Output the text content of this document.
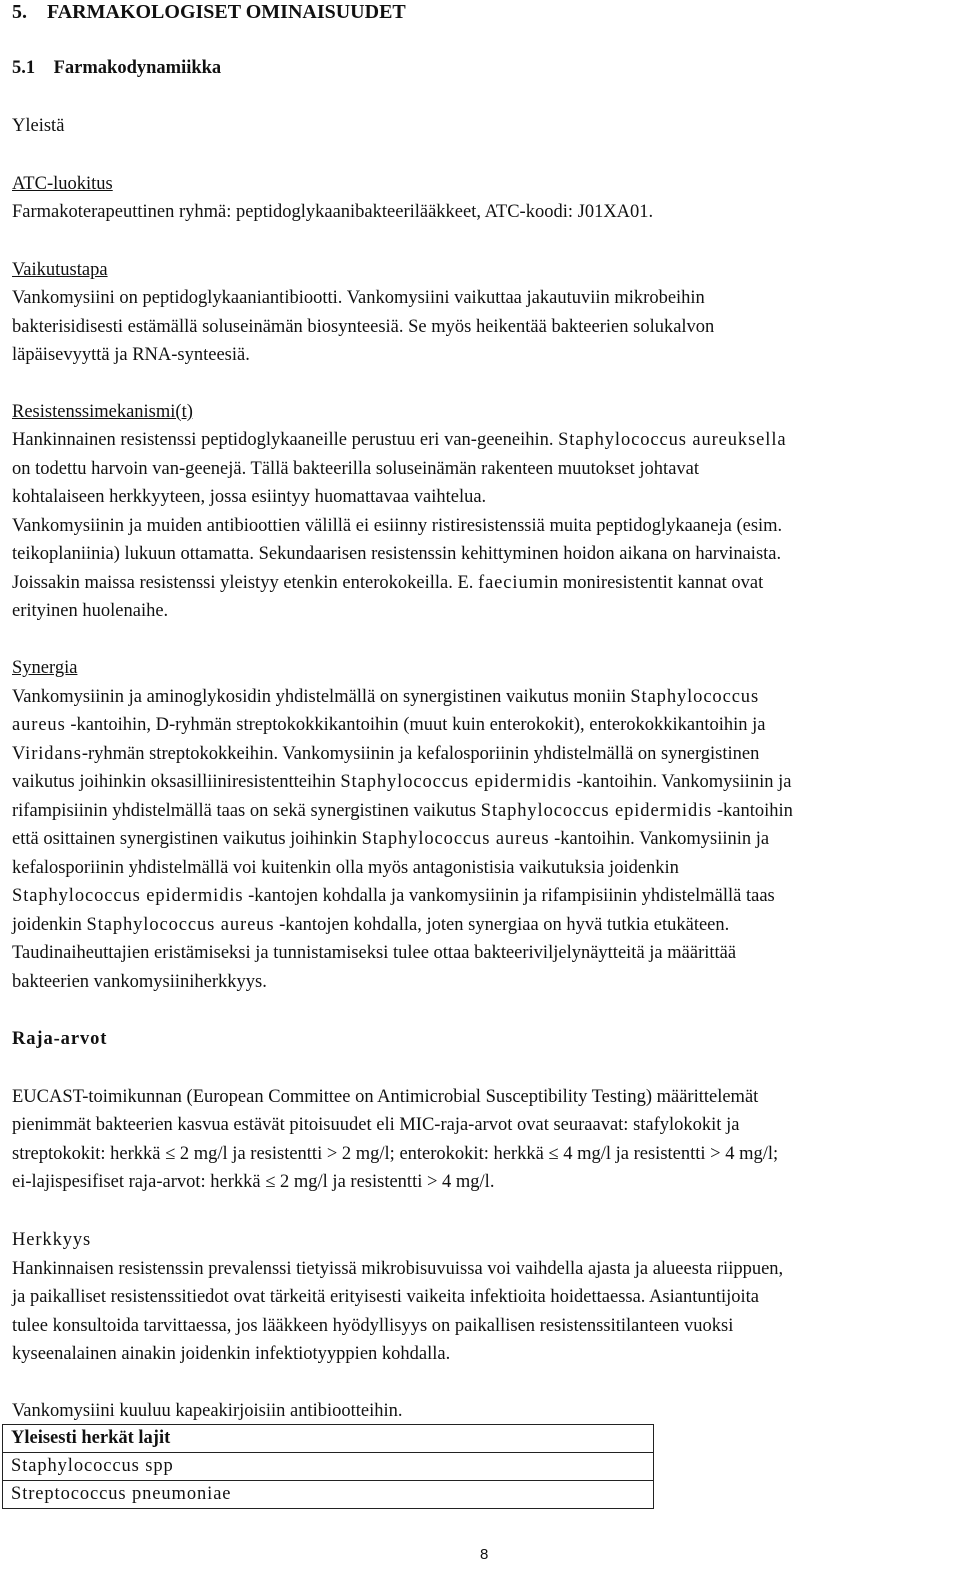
5.    FARMAKOLOGISET OMINAISUUDET
5.1    Farmakodynamiikka
Yleistä
ATC-luokitus
Farmakoterapeuttinen ryhmä: peptidoglykaanibakteerilääkkeet, ATC-koodi: J01XA01.
Vaikutustapa
Vankomysiini on peptidoglykaaniantibiootti. Vankomysiini vaikuttaa jakautuviin mikrobeihin
bakterisidisesti estämällä soluseinämän biosynteesiä. Se myös heikentää bakteerien solukalvon
läpäisevyyttä ja RNA-synteesiä.
Resistenssimekanismi(t)
Hankinnainen resistenssi peptidoglykaaneille perustuu eri van-geeneihin. Staphylococcus aureuksella
on todettu harvoin van-geenejä. Tällä bakteerilla soluseinämän rakenteen muutokset johtavat
kohtalaiseen herkkyyteen, jossa esiintyy huomattavaa vaihtelua.
Vankomysiinin ja muiden antibioottien välillä ei esiinny ristiresistenssiä muita peptidoglykaaneja (esim.
teikoplaniinia) lukuun ottamatta. Sekundaarisen resistenssin kehittyminen hoidon aikana on harvinaista.
Joissakin maissa resistenssi yleistyy etenkin enterokokeilla. E. faeciumin moniresistentit kannat ovat
erityinen huolenaihe.
Synergia
Vankomysiinin ja aminoglykosidin yhdistelmällä on synergistinen vaikutus moniin Staphylococcus
aureus -kantoihin, D-ryhmän streptokokkikantoihin (muut kuin enterokokit), enterokokkikantoihin ja
Viridans-ryhmän streptokokkeihin. Vankomysiinin ja kefalosporiinin yhdistelmällä on synergistinen
vaikutus joihinkin oksasilliiniresistentteihin Staphylococcus epidermidis -kantoihin. Vankomysiinin ja
rifampisiinin yhdistelmällä taas on sekä synergistinen vaikutus Staphylococcus epidermidis -kantoihin
että osittainen synergistinen vaikutus joihinkin Staphylococcus aureus -kantoihin. Vankomysiinin ja
kefalosporiinin yhdistelmällä voi kuitenkin olla myös antagonistisia vaikutuksia joidenkin
Staphylococcus epidermidis -kantojen kohdalla ja vankomysiinin ja rifampisiinin yhdistelmällä taas
joidenkin Staphylococcus aureus -kantojen kohdalla, joten synergiaa on hyvä tutkia etukäteen.
Taudinaiheuttajien eristämiseksi ja tunnistamiseksi tulee ottaa bakteeriviljelynäytteitä ja määrittää
bakteerien vankomysiiniherkkyys.
Raja-arvot
EUCAST-toimikunnan (European Committee on Antimicrobial Susceptibility Testing) määrittelemät
pienimmät bakteerien kasvua estävät pitoisuudet eli MIC-raja-arvot ovat seuraavat: stafylokokit ja
streptokokit: herkkä ≤ 2 mg/l ja resistentti > 2 mg/l; enterokokit: herkkä ≤ 4 mg/l ja resistentti > 4 mg/l;
ei-lajispesifiset raja-arvot: herkkä ≤ 2 mg/l ja resistentti > 4 mg/l.
Herkkyys
Hankinnaisen resistenssin prevalenssi tietyissä mikrobisuvuissa voi vaihdella ajasta ja alueesta riippuen,
ja paikalliset resistenssitiedot ovat tärkeitä erityisesti vaikeita infektioita hoidettaessa. Asiantuntijoita
tulee konsultoida tarvittaessa, jos lääkkeen hyödyllisyys on paikallisen resistenssitilanteen vuoksi
kyseenalainen ainakin joidenkin infektiotyyppien kohdalla.
Vankomysiini kuuluu kapeakirjoisiin antibiootteihin.
Yleisesti herkät lajit
Staphylococcus spp
Streptococcus pneumoniae
8
